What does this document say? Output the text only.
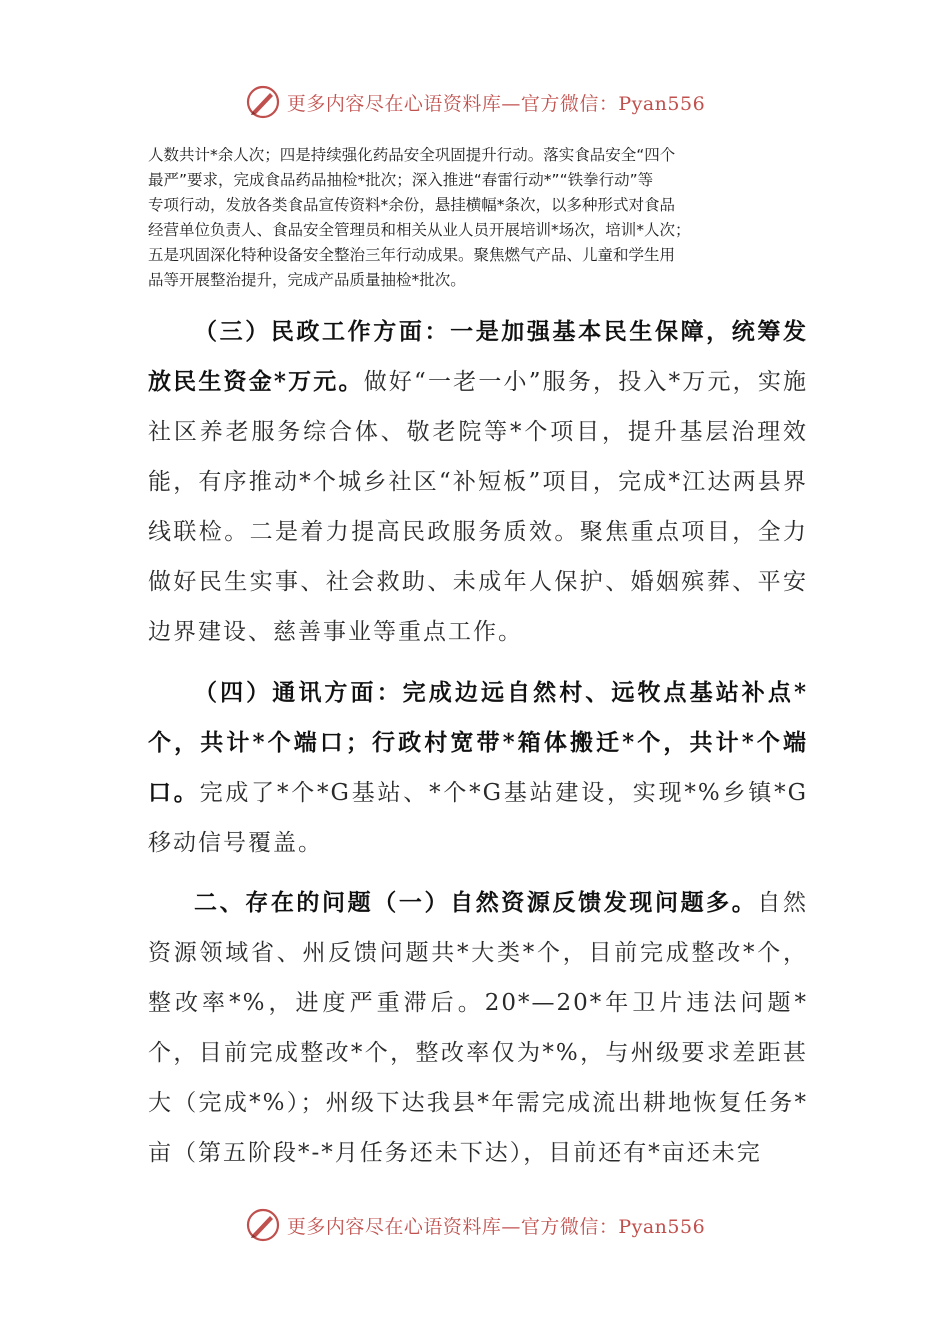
更多内容尽在心语资料库—官方微信：Pyan556

人数共计*余人次；四是持续强化药品安全巩固提升行动。落实食品安全“四个

最严”要求，完成食品药品抽检*批次；深入推进“春雷行动*”“铁拳行动”等

专项行动，发放各类食品宣传资料*余份，悬挂横幅*条次，以多种形式对食品

经营单位负责人、食品安全管理员和相关从业人员开展培训*场次，培训*人次；

五是巩固深化特种设备安全整治三年行动成果。聚焦燃气产品、儿童和学生用

品等开展整治提升，完成产品质量抽检*批次。

（三）民政工作方面：一是加强基本民生保障，统筹发放民生资金*万元。做好“一老一小”服务，投入*万元，实施社区养老服务综合体、敬老院等*个项目，提升基层治理效能，有序推动*个城乡社区“补短板”项目，完成*江达两县界线联检。二是着力提高民政服务质效。聚焦重点项目，全力做好民生实事、社会救助、未成年人保护、婚姻殡葬、平安边界建设、慈善事业等重点工作。

（四）通讯方面：完成边远自然村、远牧点基站补点*个，共计*个端口；行政村宽带*箱体搬迁*个，共计*个端口。完成了*个*G基站、*个*G基站建设，实现*%乡镇*G移动信号覆盖。

二、存在的问题（一）自然资源反馈发现问题多。自然资源领域省、州反馈问题共*大类*个，目前完成整改*个，整改率*%，进度严重滞后。20*—20*年卫片违法问题*个，目前完成整改*个，整改率仅为*%，与州级要求差距甚大（完成*%）；州级下达我县*年需完成流出耕地恢复任务*亩（第五阶段*-*月任务还未下达），目前还有*亩还未完

更多内容尽在心语资料库—官方微信：Pyan556
